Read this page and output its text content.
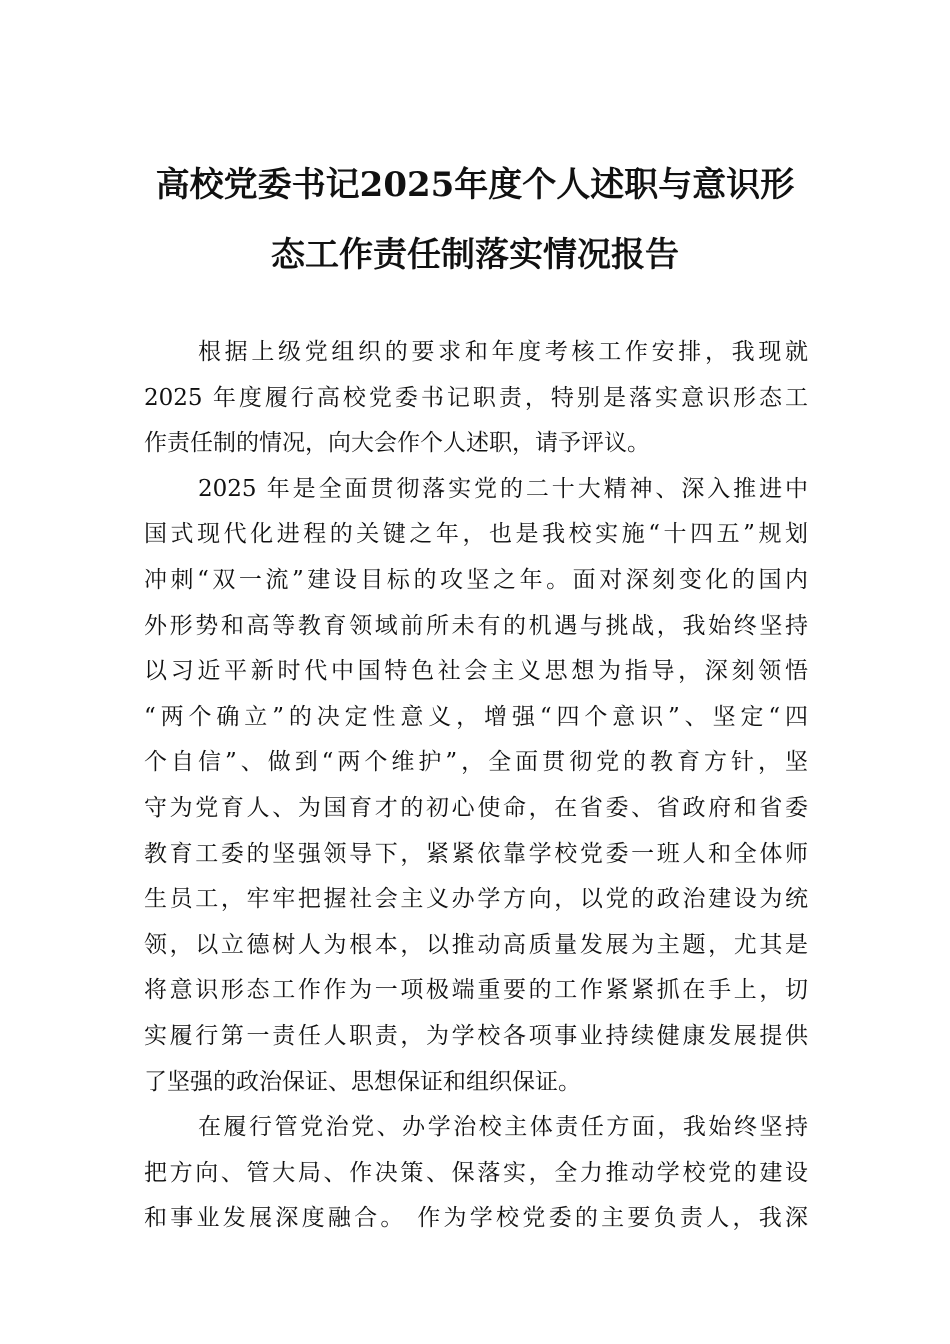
高校党委书记2025年度个人述职与意识形
态工作责任制落实情况报告
根据上级党组织的要求和年度考核工作安排，我现就
2025 年度履行高校党委书记职责，特别是落实意识形态工
作责任制的情况，向大会作个人述职，请予评议。
2025 年是全面贯彻落实党的二十大精神、深入推进中
国式现代化进程的关键之年，也是我校实施“十四五”规划
冲刺“双一流”建设目标的攻坚之年。面对深刻变化的国内
外形势和高等教育领域前所未有的机遇与挑战，我始终坚持
以习近平新时代中国特色社会主义思想为指导，深刻领悟
“两个确立”的决定性意义，增强“四个意识”、坚定“四
个自信”、做到“两个维护”，全面贯彻党的教育方针，坚
守为党育人、为国育才的初心使命，在省委、省政府和省委
教育工委的坚强领导下，紧紧依靠学校党委一班人和全体师
生员工，牢牢把握社会主义办学方向，以党的政治建设为统
领，以立德树人为根本，以推动高质量发展为主题，尤其是
将意识形态工作作为一项极端重要的工作紧紧抓在手上，切
实履行第一责任人职责，为学校各项事业持续健康发展提供
了坚强的政治保证、思想保证和组织保证。
在履行管党治党、办学治校主体责任方面，我始终坚持
把方向、管大局、作决策、保落实，全力推动学校党的建设
和事业发展深度融合。 作为学校党委的主要负责人，我深
